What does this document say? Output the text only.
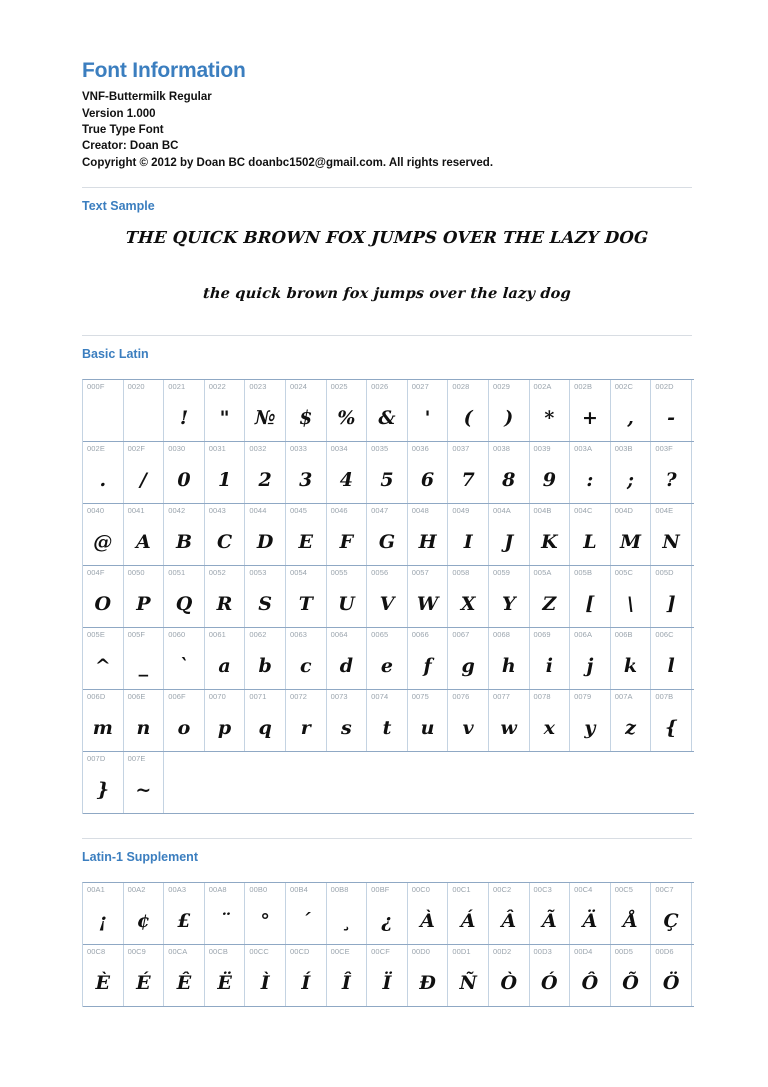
Font Information
VNF-Buttermilk Regular
Version 1.000
True Type Font
Creator: Doan BC
Copyright © 2012 by Doan BC doanbc1502@gmail.com. All rights reserved.
Text Sample
THE QUICK BROWN FOX JUMPS OVER THE LAZY DOG
the quick brown fox jumps over the lazy dog
Basic Latin
000F	0020	0021
!
0022
"
0023
№
0024
$
0025
%
0026
&
0027
'
0028
(
0029
)
002A
*
002B
+
002C
,
002D
-
002E
.
002F
/
0030
0
0031
1
0032
2
0033
3
0034
4
0035
5
0036
6
0037
7
0038
8
0039
9
003A
:
003B
;
003F
?
0040
@
0041
A
0042
B
0043
C
0044
D
0045
E
0046
F
0047
G
0048
H
0049
I
004A
J
004B
K
004C
L
004D
M
004E
N
004F
O
0050
P
0051
Q
0052
R
0053
S
0054
T
0055
U
0056
V
0057
W
0058
X
0059
Y
005A
Z
005B
[
005C
\
005D
]
005E
^
005F
_
0060
`
0061
a
0062
b
0063
c
0064
d
0065
e
0066
f
0067
g
0068
h
0069
i
006A
j
006B
k
006C
l
006D
m
006E
n
006F
o
0070
p
0071
q
0072
r
0073
s
0074
t
0075
u
0076
v
0077
w
0078
x
0079
y
007A
z
007B
{
007D
}
007E
~
Latin-1 Supplement
00A1
¡
00A2
¢
00A3
£
00A8
¨
00B0
°
00B4
´
00B8
¸
00BF
¿
00C0
À
00C1
Á
00C2
Â
00C3
Ã
00C4
Ä
00C5
Å
00C7
Ç
00C8
È
00C9
É
00CA
Ê
00CB
Ë
00CC
Ì
00CD
Í
00CE
Î
00CF
Ï
00D0
Ð
00D1
Ñ
00D2
Ò
00D3
Ó
00D4
Ô
00D5
Õ
00D6
Ö
